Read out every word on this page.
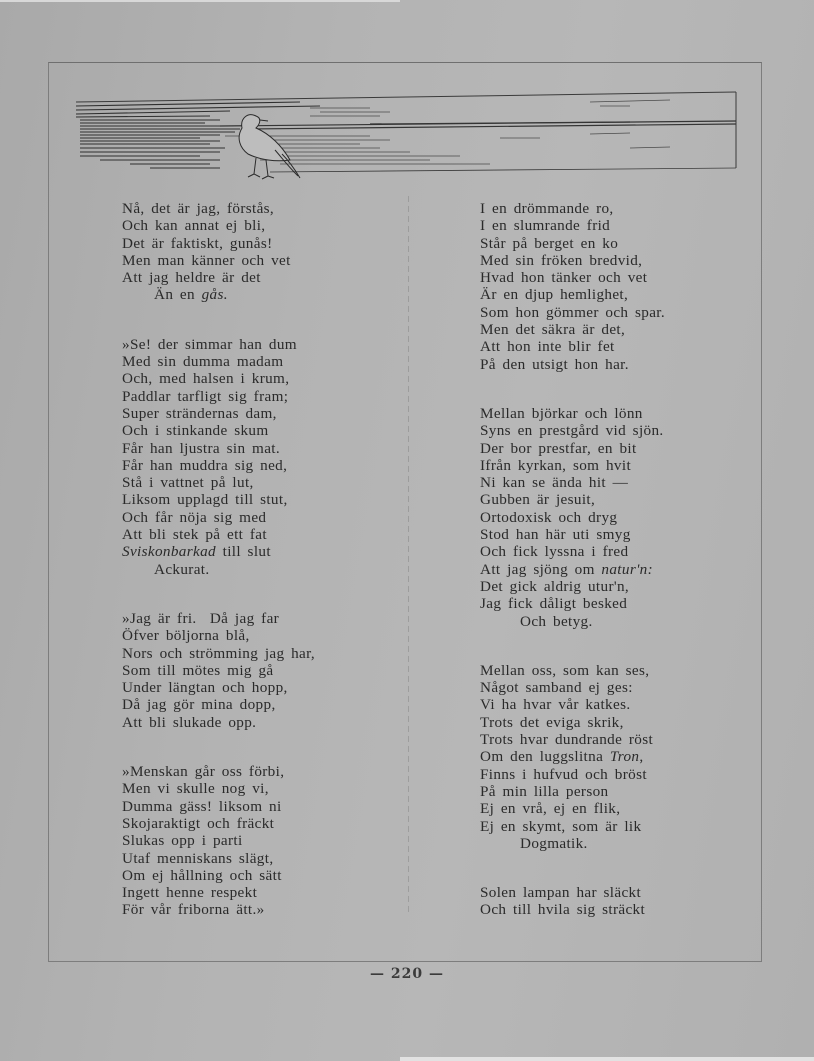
Nå, det är jag, förstås,
Och kan annat ej bli,
Det är faktiskt, gunås!
Men man känner och vet
Att jag heldre är det
Än en gås.
»Se! der simmar han dum
Med sin dumma madam
Och, med halsen i krum,
Paddlar tarfligt sig fram;
Super strändernas dam,
Och i stinkande skum
Får han ljustra sin mat.
Får han muddra sig ned,
Stå i vattnet på lut,
Liksom upplagd till stut,
Och får nöja sig med
Att bli stek på ett fat
Sviskonbarkad till slut
Ackurat.
»Jag är fri.  Då jag far
Öfver böljorna blå,
Nors och strömming jag har,
Som till mötes mig gå
Under längtan och hopp,
Då jag gör mina dopp,
Att bli slukade opp.
»Menskan går oss förbi,
Men vi skulle nog vi,
Dumma gäss! liksom ni
Skojaraktigt och fräckt
Slukas opp i parti
Utaf menniskans slägt,
Om ej hållning och sätt
Ingett henne respekt
För vår friborna ätt.»
I en drömmande ro,
I en slumrande frid
Står på berget en ko
Med sin fröken bredvid,
Hvad hon tänker och vet
Är en djup hemlighet,
Som hon gömmer och spar.
Men det säkra är det,
Att hon inte blir fet
På den utsigt hon har.
Mellan björkar och lönn
Syns en prestgård vid sjön.
Der bor prestfar, en bit
Ifrån kyrkan, som hvit
Ni kan se ända hit —
Gubben är jesuit,
Ortodoxisk och dryg
Stod han här uti smyg
Och fick lyssna i fred
Att jag sjöng om natur'n:
Det gick aldrig utur'n,
Jag fick dåligt besked
Och betyg.
Mellan oss, som kan ses,
Något samband ej ges:
Vi ha hvar vår katkes.
Trots det eviga skrik,
Trots hvar dundrande röst
Om den luggslitna Tron,
Finns i hufvud och bröst
På min lilla person
Ej en vrå, ej en flik,
Ej en skymt, som är lik
Dogmatik.
Solen lampan har släckt
Och till hvila sig sträckt
— 220 —
